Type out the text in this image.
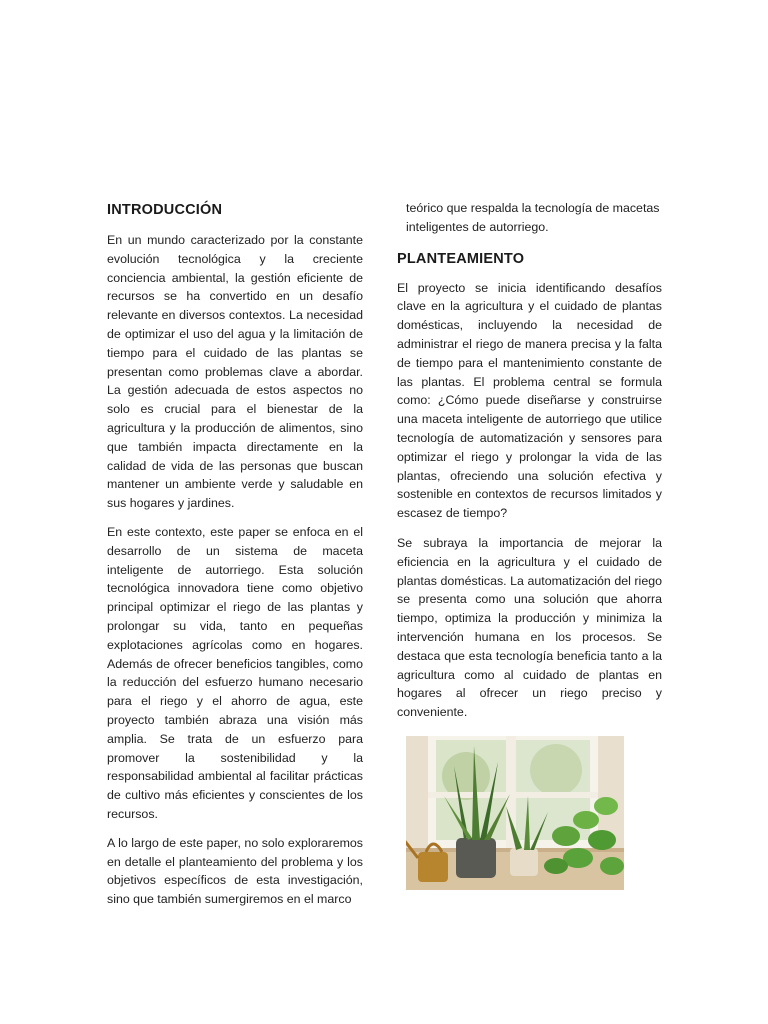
INTRODUCCIÓN

En un mundo caracterizado por la constante evolución tecnológica y la creciente conciencia ambiental, la gestión eficiente de recursos se ha convertido en un desafío relevante en diversos contextos. La necesidad de optimizar el uso del agua y la limitación de tiempo para el cuidado de las plantas se presentan como problemas clave a abordar. La gestión adecuada de estos aspectos no solo es crucial para el bienestar de la agricultura y la producción de alimentos, sino que también impacta directamente en la calidad de vida de las personas que buscan mantener un ambiente verde y saludable en sus hogares y jardines.

En este contexto, este paper se enfoca en el desarrollo de un sistema de maceta inteligente de autorriego. Esta solución tecnológica innovadora tiene como objetivo principal optimizar el riego de las plantas y prolongar su vida, tanto en pequeñas explotaciones agrícolas como en hogares. Además de ofrecer beneficios tangibles, como la reducción del esfuerzo humano necesario para el riego y el ahorro de agua, este proyecto también abraza una visión más amplia. Se trata de un esfuerzo para promover la sostenibilidad y la responsabilidad ambiental al facilitar prácticas de cultivo más eficientes y conscientes de los recursos.

A lo largo de este paper, no solo exploraremos en detalle el planteamiento del problema y los objetivos específicos de esta investigación, sino que también sumergiremos en el marco

teórico que respalda la tecnología de macetas inteligentes de autorriego.

PLANTEAMIENTO

El proyecto se inicia identificando desafíos clave en la agricultura y el cuidado de plantas domésticas, incluyendo la necesidad de administrar el riego de manera precisa y la falta de tiempo para el mantenimiento constante de las plantas. El problema central se formula como: ¿Cómo puede diseñarse y construirse una maceta inteligente de autorriego que utilice tecnología de automatización y sensores para optimizar el riego y prolongar la vida de las plantas, ofreciendo una solución efectiva y sostenible en contextos de recursos limitados y escasez de tiempo?

Se subraya la importancia de mejorar la eficiencia en la agricultura y el cuidado de plantas domésticas. La automatización del riego se presenta como una solución que ahorra tiempo, optimiza la producción y minimiza la intervención humana en los procesos. Se destaca que esta tecnología beneficia tanto a la agricultura como al cuidado de plantas en hogares al ofrecer un riego preciso y conveniente.
